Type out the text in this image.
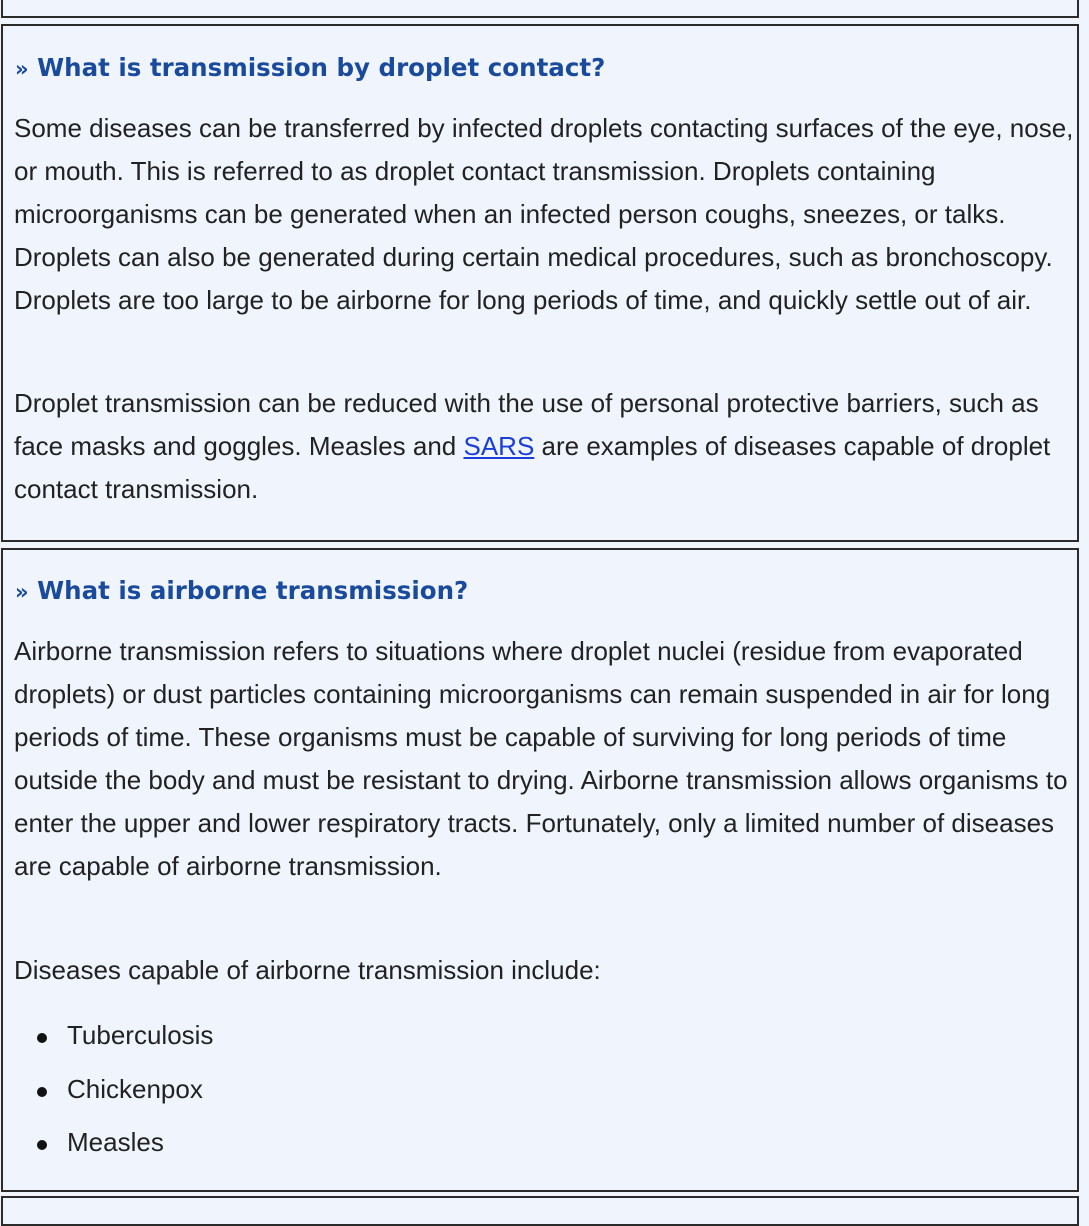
» What is transmission by droplet contact?

Some diseases can be transferred by infected droplets contacting surfaces of the eye, nose, or mouth. This is referred to as droplet contact transmission. Droplets containing microorganisms can be generated when an infected person coughs, sneezes, or talks. Droplets can also be generated during certain medical procedures, such as bronchoscopy. Droplets are too large to be airborne for long periods of time, and quickly settle out of air.

Droplet transmission can be reduced with the use of personal protective barriers, such as face masks and goggles. Measles and SARS are examples of diseases capable of droplet contact transmission.

» What is airborne transmission?

Airborne transmission refers to situations where droplet nuclei (residue from evaporated droplets) or dust particles containing microorganisms can remain suspended in air for long periods of time. These organisms must be capable of surviving for long periods of time outside the body and must be resistant to drying. Airborne transmission allows organisms to enter the upper and lower respiratory tracts. Fortunately, only a limited number of diseases are capable of airborne transmission.

Diseases capable of airborne transmission include:

Tuberculosis
Chickenpox
Measles
